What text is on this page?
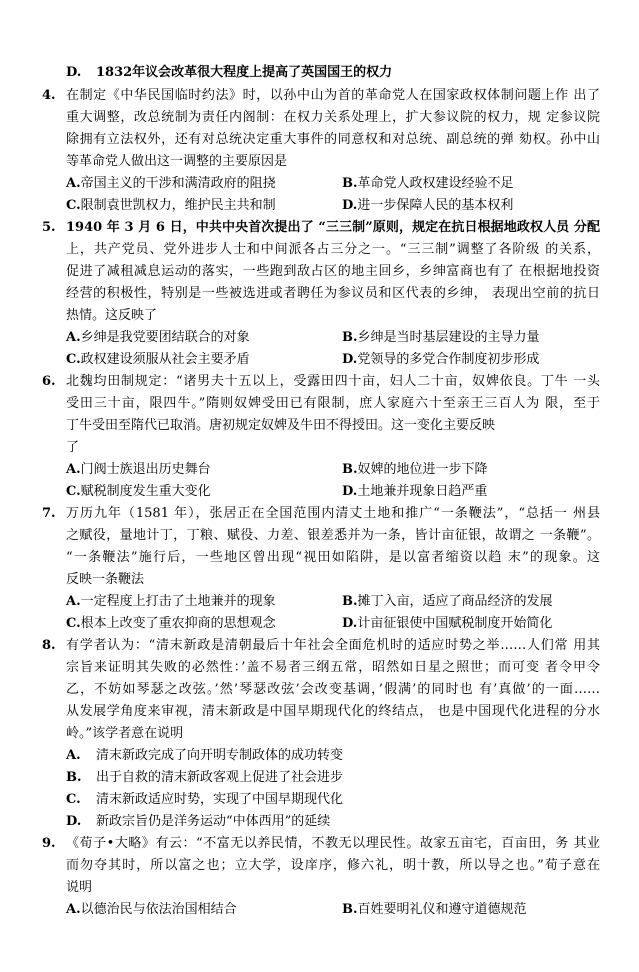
D. 1832年议会改革很大程度上提高了英国国王的权力
4. 在制定《中华民国临时约法》时，以孙中山为首的革命党人在国家政权体制问题上作 出了
重大调整，改总统制为责任内阁制：在权力关系处理上，扩大参议院的权力，规 定参议院
除拥有立法权外，还有对总统决定重大事件的同意权和对总统、副总统的弹 劾权。孙中山
等革命党人做出这一调整的主要原因是
A.帝国主义的干涉和满清政府的阻挠	B.革命党人政权建设经验不足
C.限制袁世凯权力，维护民主共和制	D.进一步保障人民的基本权利
5. 1940 年 3 月 6 日，中共中央首次提出了 “三三制”原则，规定在抗日根据地政权人员 分配
上，共产党员、党外进步人士和中间派各占三分之一。“三三制”调整了各阶级 的关系，
促进了减租减息运动的落实，一些跑到敌占区的地主回乡，乡绅富商也有了 在根据地投资
经营的积极性，特别是一些被选进或者聘任为参议员和区代表的乡绅， 表现出空前的抗日
热情。这反映了
A.乡绅是我党要团结联合的对象	B.乡绅是当时基层建设的主导力量
C.政权建设须服从社会主要矛盾	D.党领导的多党合作制度初步形成
6. 北魏均田制规定：“诸男夫十五以上，受露田四十亩，妇人二十亩，奴婢依良。丁牛 一头
受田三十亩，限四牛。”隋则奴婢受田已有限制，庶人家庭六十至亲王三百人为 限，至于
丁牛受田至隋代已取消。唐初规定奴婢及牛田不得授田。这一变化主要反映
了
A.门阀士族退出历史舞台	B.奴婢的地位进一步下降
C.赋税制度发生重大变化	D.土地兼并现象日趋严重
7. 万历九年（1581 年），张居正在全国范围内清丈土地和推广“一条鞭法”，“总括一 州县
之赋役，量地计丁，丁粮、赋役、力差、银差悉并为一条，皆计亩征银，故谓之 一条鞭”。
“一条鞭法”施行后，一些地区曾出现“视田如陷阱，是以富者缩资以趋 末”的现象。这
反映一条鞭法
A.一定程度上打击了土地兼并的现象	B.摊丁入亩，适应了商品经济的发展
C.根本上改变了重农抑商的思想观念	D.计亩征银使中国赋税制度开始简化
8. 有学者认为：“清末新政是清朝最后十年社会全面危机时的适应时势之举……人们常 用其
宗旨来证明其失败的必然性：’盖不易者三纲五常，昭然如日星之照世；而可变 者令甲令
乙，不妨如琴瑟之改弦。’然’琴瑟改弦’会改变基调，’假满’的同时也 有’真做’的一面……
从发展学角度来审视，清末新政是中国早期现代化的终结点， 也是中国现代化进程的分水
岭。”该学者意在说明
A. 清末新政完成了向开明专制政体的成功转变
B. 出于自救的清末新政客观上促进了社会进步
C. 清末新政适应时势，实现了中国早期现代化
D. 新政宗旨仍是洋务运动“中体西用”的延续
9. 《荀子•大略》有云：“不富无以养民情，不教无以理民性。故家五亩宅，百亩田，务 其业
而勿夺其时，所以富之也；立大学，设庠序，修六礼，明十教，所以导之也。”荀子意在
说明
A.以德治民与依法治国相结合	B.百姓要明礼仪和遵守道德规范
